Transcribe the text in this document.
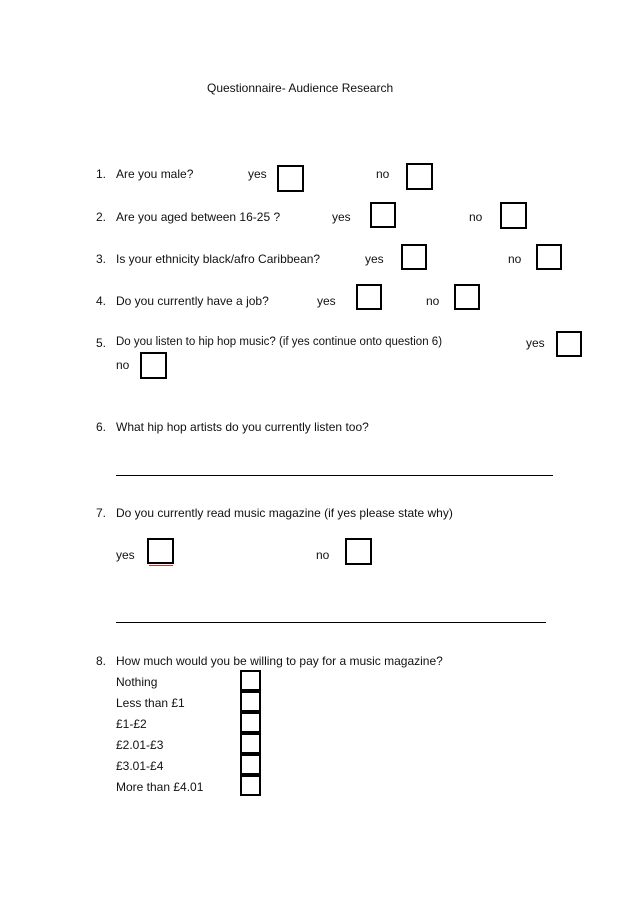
Questionnaire- Audience Research
1. Are you male?	yes	no
2. Are you aged between 16-25 ?	yes	no
3. Is your ethnicity black/afro Caribbean?	yes	no
4. Do you currently have a job?	yes	no
5. Do you listen to hip hop music? (if yes continue onto question 6)	yes
no
6. What hip hop artists do you currently listen too?
7. Do you currently read music magazine (if yes please state why)
yes	no
8. How much would you be willing to pay for a music magazine?
Nothing
Less than £1
£1-£2
£2.01-£3
£3.01-£4
More than £4.01
